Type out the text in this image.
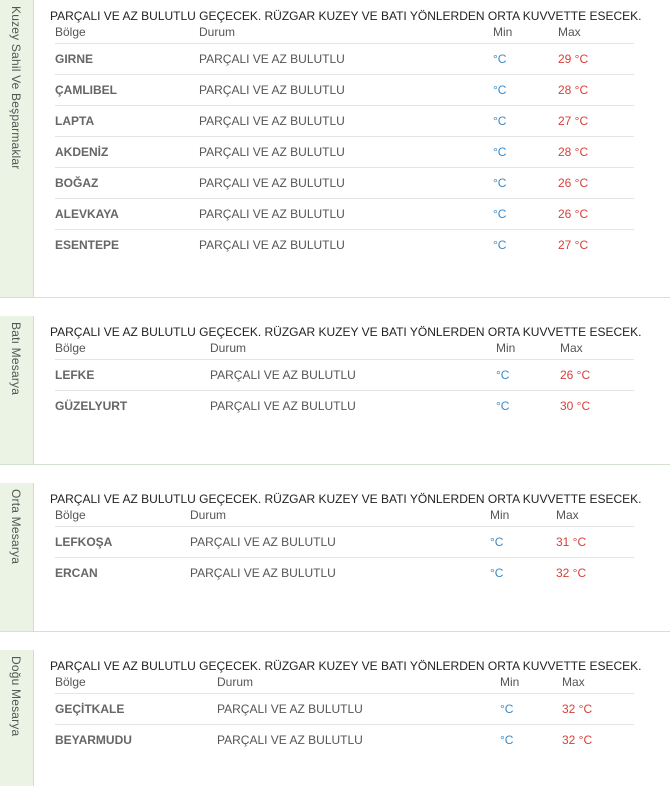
Kuzey Sahil Ve Beşparmaklar PARÇALI VE AZ BULUTLU GEÇECEK. RÜZGAR KUZEY VE BATI YÖNLERDEN ORTA KUVVETTE ESECEK.
Bölge	Durum	Min	Max
GIRNE	PARÇALI VE AZ BULUTLU	°C	29 °C
ÇAMLIBEL	PARÇALI VE AZ BULUTLU	°C	28 °C
LAPTA	PARÇALI VE AZ BULUTLU	°C	27 °C
AKDENİZ	PARÇALI VE AZ BULUTLU	°C	28 °C
BOĞAZ	PARÇALI VE AZ BULUTLU	°C	26 °C
ALEVKAYA	PARÇALI VE AZ BULUTLU	°C	26 °C
ESENTEPE	PARÇALI VE AZ BULUTLU	°C	27 °C
Batı Mesarya PARÇALI VE AZ BULUTLU GEÇECEK. RÜZGAR KUZEY VE BATI YÖNLERDEN ORTA KUVVETTE ESECEK.
Bölge	Durum	Min	Max
LEFKE	PARÇALI VE AZ BULUTLU	°C	26 °C
GÜZELYURT	PARÇALI VE AZ BULUTLU	°C	30 °C
Orta Mesarya PARÇALI VE AZ BULUTLU GEÇECEK. RÜZGAR KUZEY VE BATI YÖNLERDEN ORTA KUVVETTE ESECEK.
Bölge	Durum	Min	Max
LEFKOŞA	PARÇALI VE AZ BULUTLU	°C	31 °C
ERCAN	PARÇALI VE AZ BULUTLU	°C	32 °C
Doğu Mesarya PARÇALI VE AZ BULUTLU GEÇECEK. RÜZGAR KUZEY VE BATI YÖNLERDEN ORTA KUVVETTE ESECEK.
Bölge	Durum	Min	Max
GEÇİTKALE	PARÇALI VE AZ BULUTLU	°C	32 °C
BEYARMUDU	PARÇALI VE AZ BULUTLU	°C	32 °C
